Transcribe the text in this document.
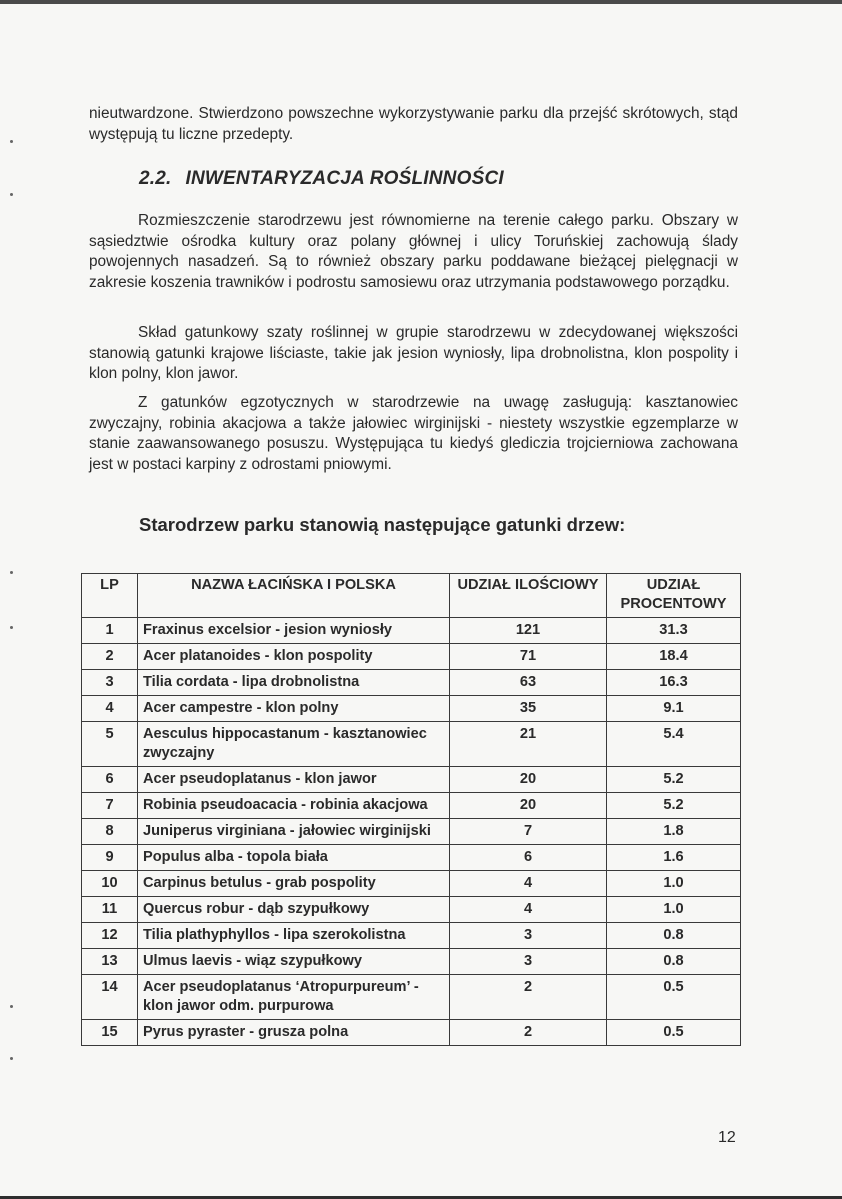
nieutwardzone. Stwierdzono powszechne wykorzystywanie parku dla przejść skrótowych, stąd występują tu liczne przedepty.

2.2. INWENTARYZACJA ROŚLINNOŚCI

Rozmieszczenie starodrzewu jest równomierne na terenie całego parku. Obszary w sąsiedztwie ośrodka kultury oraz polany głównej i ulicy Toruńskiej zachowują ślady powojennych nasadzeń. Są to również obszary parku poddawane bieżącej pielęgnacji w zakresie koszenia trawników i podrostu samosiewu oraz utrzymania podstawowego porządku.

Skład gatunkowy szaty roślinnej w grupie starodrzewu w zdecydowanej większości stanowią gatunki krajowe liściaste, takie jak jesion wyniosły, lipa drobnolistna, klon pospolity i klon polny, klon jawor.

Z gatunków egzotycznych w starodrzewie na uwagę zasługują: kasztanowiec zwyczajny, robinia akacjowa a także jałowiec wirginijski - niestety wszystkie egzemplarze w stanie zaawansowanego posuszu. Występująca tu kiedyś glediczia trojcierniowa zachowana jest w postaci karpiny z odrostami pniowymi.

Starodrzew parku stanowią następujące gatunki drzew:
LP	NAZWA ŁACIŃSKA I POLSKA	UDZIAŁ ILOŚCIOWY	UDZIAŁ PROCENTOWY
1	Fraxinus excelsior - jesion wyniosły	121	31.3
2	Acer platanoides - klon pospolity	71	18.4
3	Tilia cordata - lipa drobnolistna	63	16.3
4	Acer campestre - klon polny	35	9.1
5	Aesculus hippocastanum - kasztanowiec zwyczajny	21	5.4
6	Acer pseudoplatanus - klon jawor	20	5.2
7	Robinia pseudoacacia - robinia akacjowa	20	5.2
8	Juniperus virginiana - jałowiec wirginijski	7	1.8
9	Populus alba - topola biała	6	1.6
10	Carpinus betulus - grab pospolity	4	1.0
11	Quercus robur - dąb szypułkowy	4	1.0
12	Tilia plathyphyllos - lipa szerokolistna	3	0.8
13	Ulmus laevis - wiąz szypułkowy	3	0.8
14	Acer pseudoplatanus ‘Atropurpureum’ - klon jawor odm. purpurowa	2	0.5
15	Pyrus pyraster - grusza polna	2	0.5
12
